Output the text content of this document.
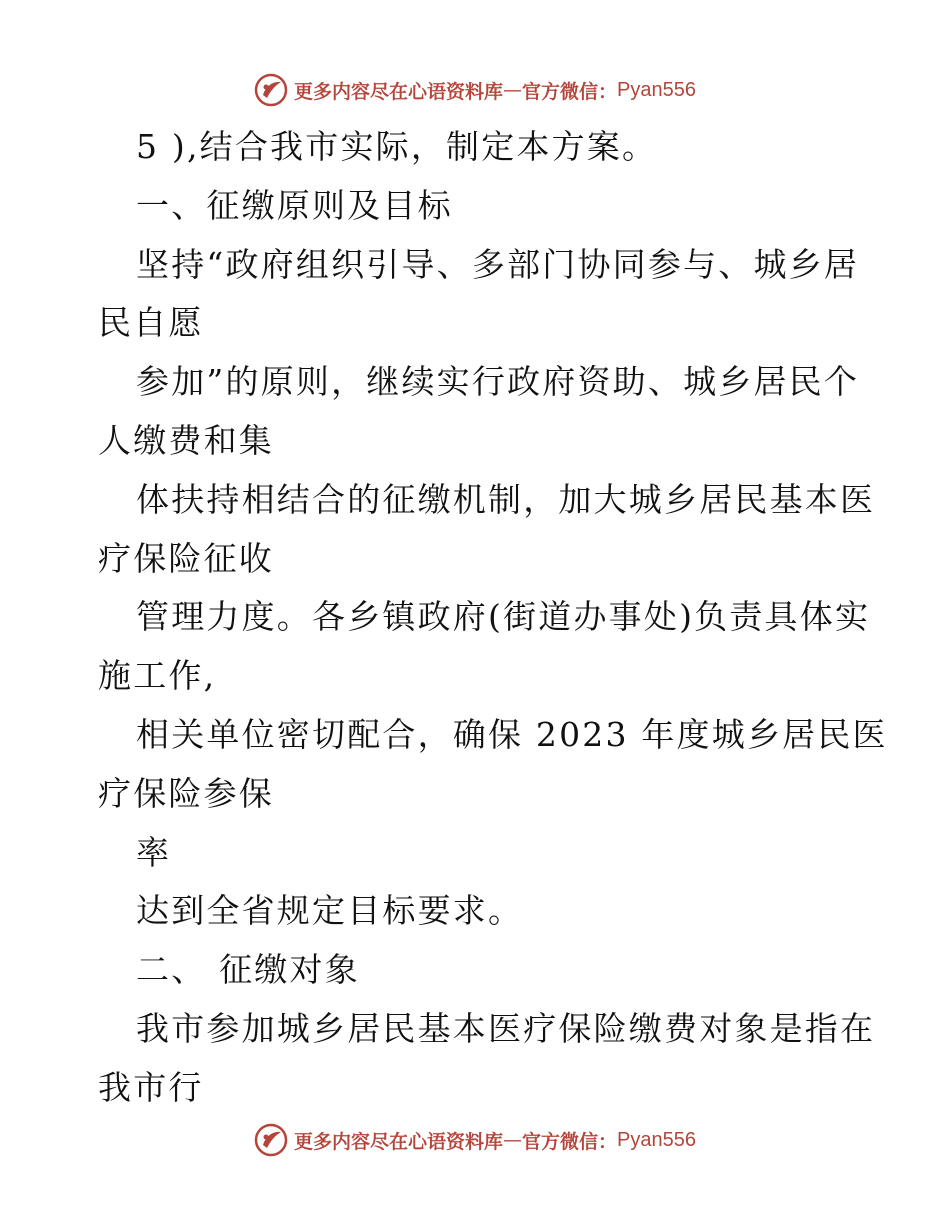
更多内容尽在心语资料库 — 官方微信： Pyan556
5 ),结合我市实际，制定本方案。
一、征缴原则及目标
坚持“政府组织引导、多部门协同参与、城乡居
民自愿
参加”的原则，继续实行政府资助、城乡居民个
人缴费和集
体扶持相结合的征缴机制，加大城乡居民基本医
疗保险征收
管理力度。各乡镇政府(街道办事处)负责具体实
施工作,
相关单位密切配合，确保 2023 年度城乡居民医
疗保险参保
率
达到全省规定目标要求。
二、 征缴对象
我市参加城乡居民基本医疗保险缴费对象是指在
我市行
更多内容尽在心语资料库 — 官方微信： Pyan556
